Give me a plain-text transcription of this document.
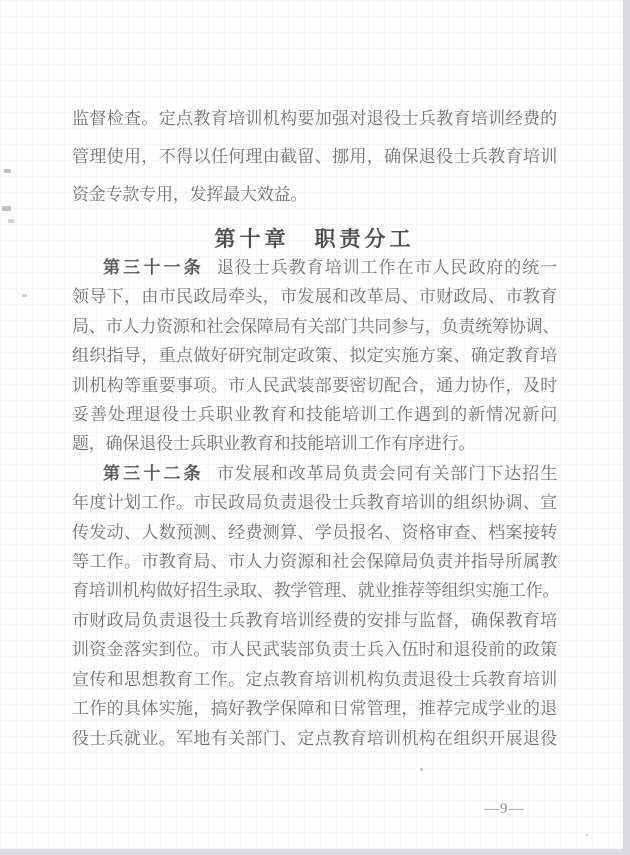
监督检查。定点教育培训机构要加强对退役士兵教育培训经费的
管理使用，不得以任何理由截留、挪用，确保退役士兵教育培训
资金专款专用，发挥最大效益。
第十章　职责分工
第三十一条 退役士兵教育培训工作在市人民政府的统一
领导下，由市民政局牵头，市发展和改革局、市财政局、市教育
局、市人力资源和社会保障局有关部门共同参与，负责统筹协调、
组织指导，重点做好研究制定政策、拟定实施方案、确定教育培
训机构等重要事项。市人民武装部要密切配合，通力协作，及时
妥善处理退役士兵职业教育和技能培训工作遇到的新情况新问
题，确保退役士兵职业教育和技能培训工作有序进行。
第三十二条 市发展和改革局负责会同有关部门下达招生
年度计划工作。市民政局负责退役士兵教育培训的组织协调、宣
传发动、人数预测、经费测算、学员报名、资格审查、档案接转
等工作。市教育局、市人力资源和社会保障局负责并指导所属教
育培训机构做好招生录取、教学管理、就业推荐等组织实施工作。
市财政局负责退役士兵教育培训经费的安排与监督，确保教育培
训资金落实到位。市人民武装部负责士兵入伍时和退役前的政策
宣传和思想教育工作。定点教育培训机构负责退役士兵教育培训
工作的具体实施，搞好教学保障和日常管理，推荐完成学业的退
役士兵就业。军地有关部门、定点教育培训机构在组织开展退役
—9—
